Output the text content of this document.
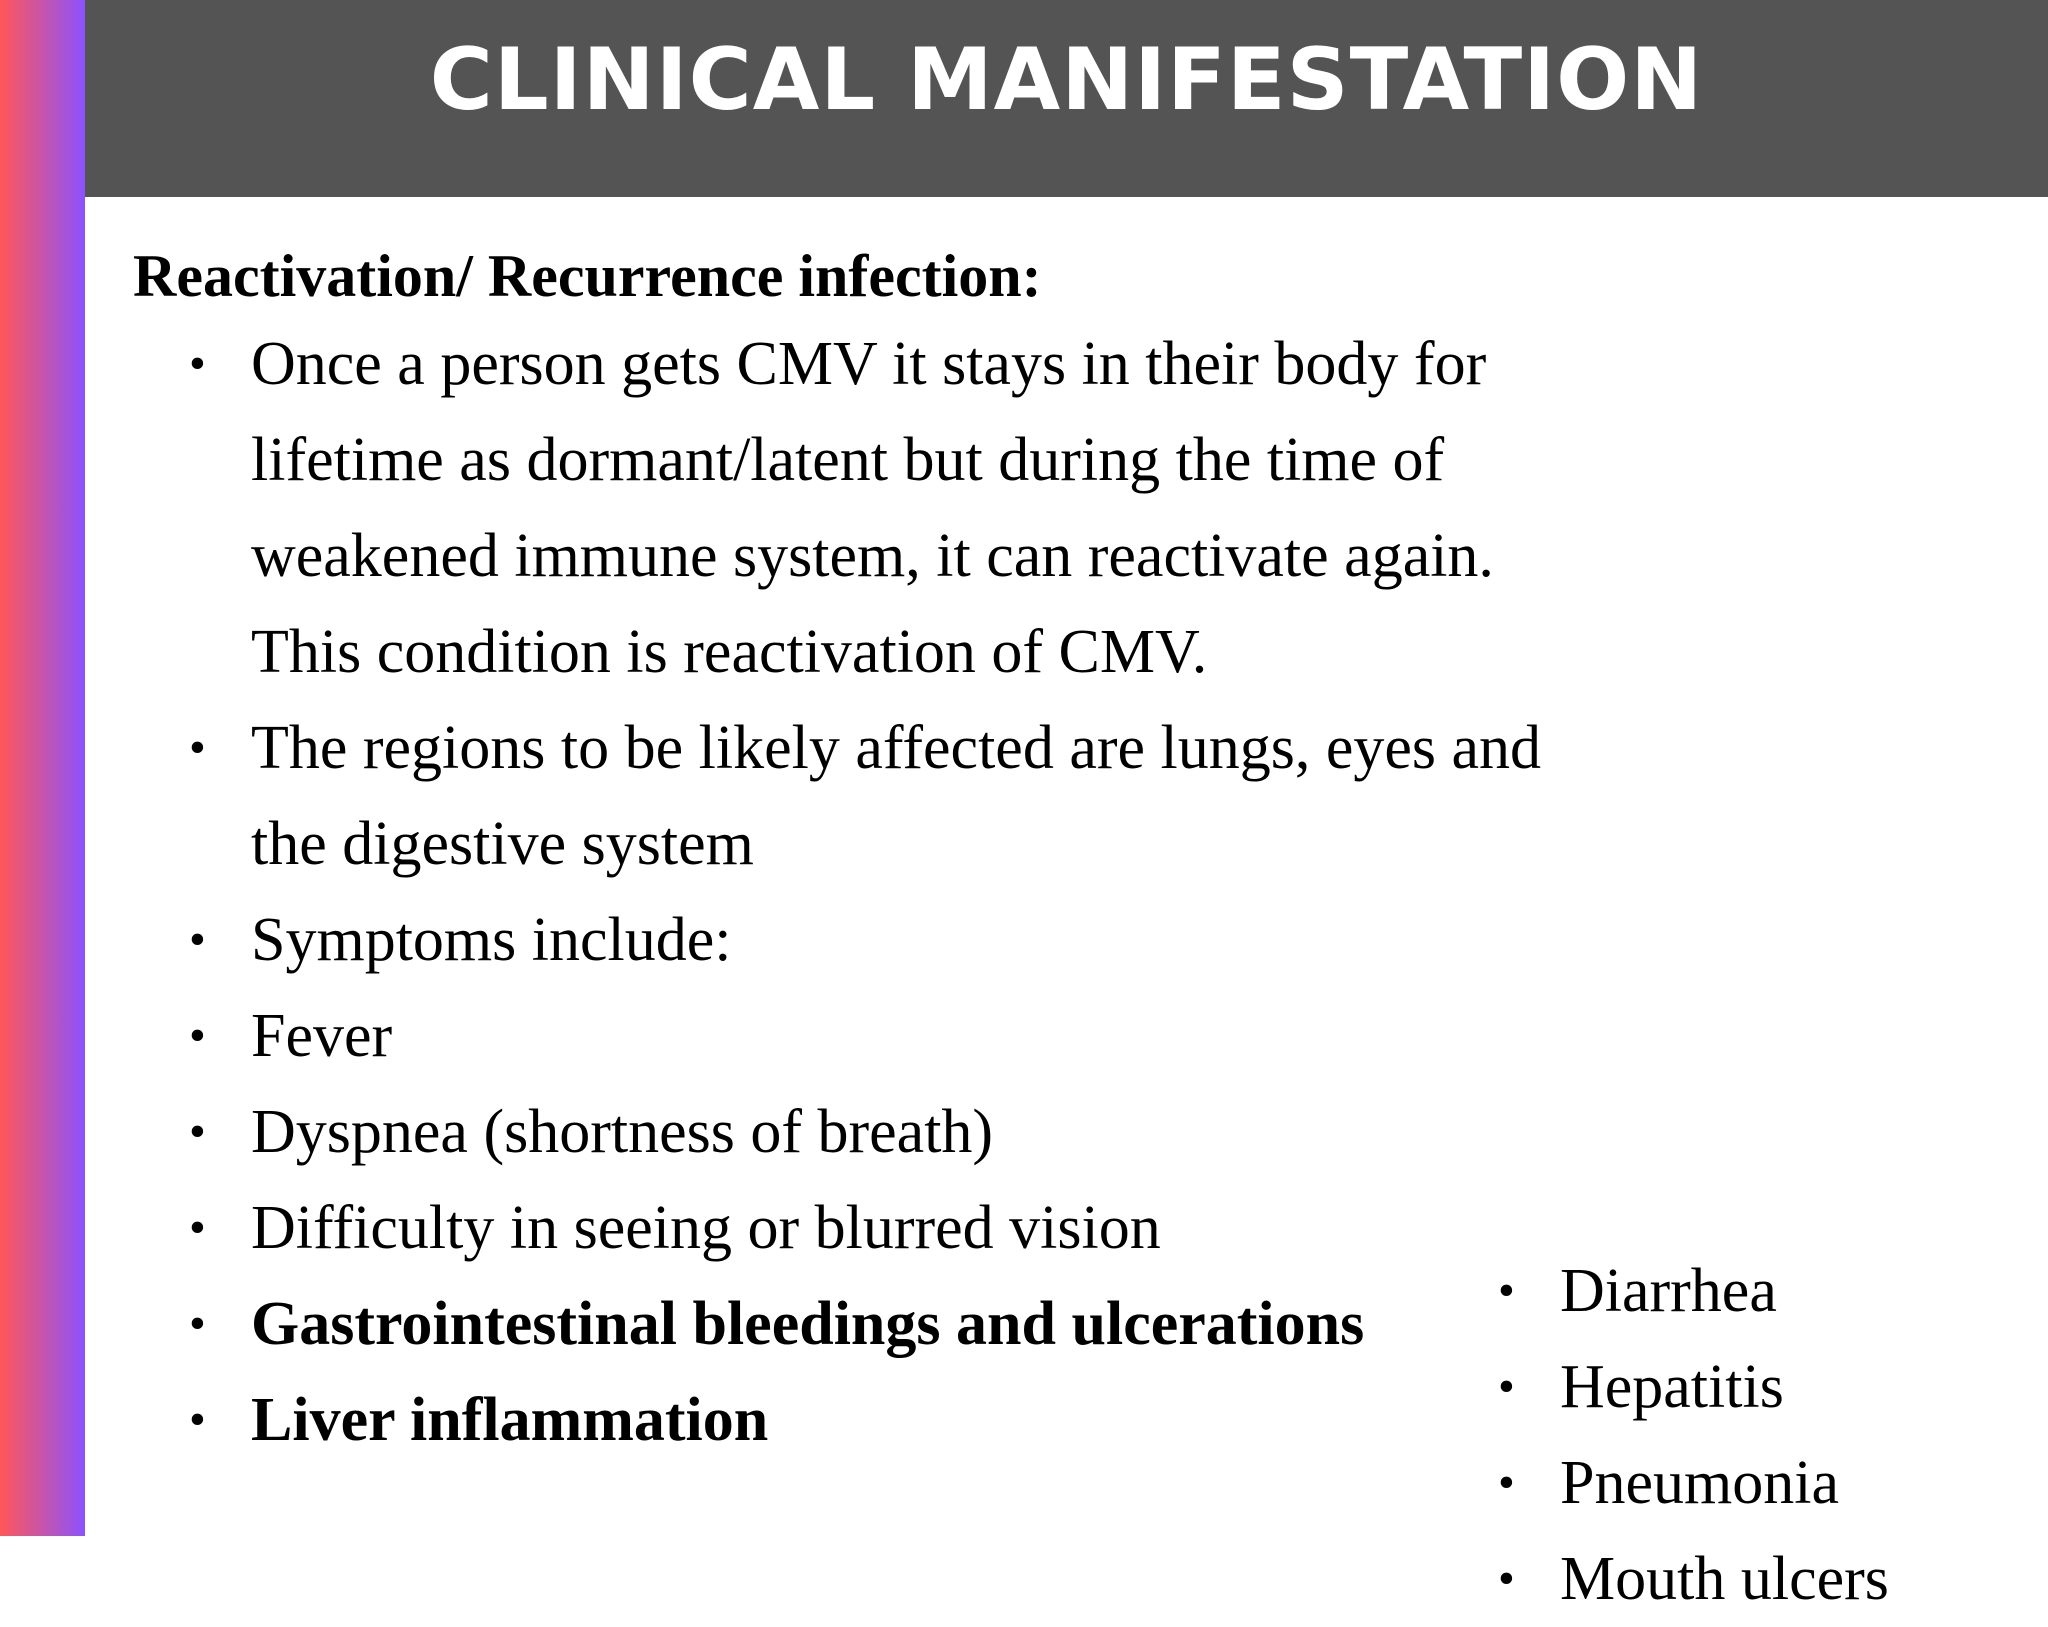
CLINICAL MANIFESTATION
Reactivation/ Recurrence infection:
• Once a person gets CMV it stays in their body for
lifetime as dormant/latent but during the time of
weakened immune system, it can reactivate again.
This condition is reactivation of CMV.
• The regions to be likely affected are lungs, eyes and
the digestive system
• Symptoms include:
• Fever
• Dyspnea (shortness of breath)
• Difficulty in seeing or blurred vision
• Gastrointestinal bleedings and ulcerations
• Liver inflammation
• Diarrhea
• Hepatitis
• Pneumonia
• Mouth ulcers
